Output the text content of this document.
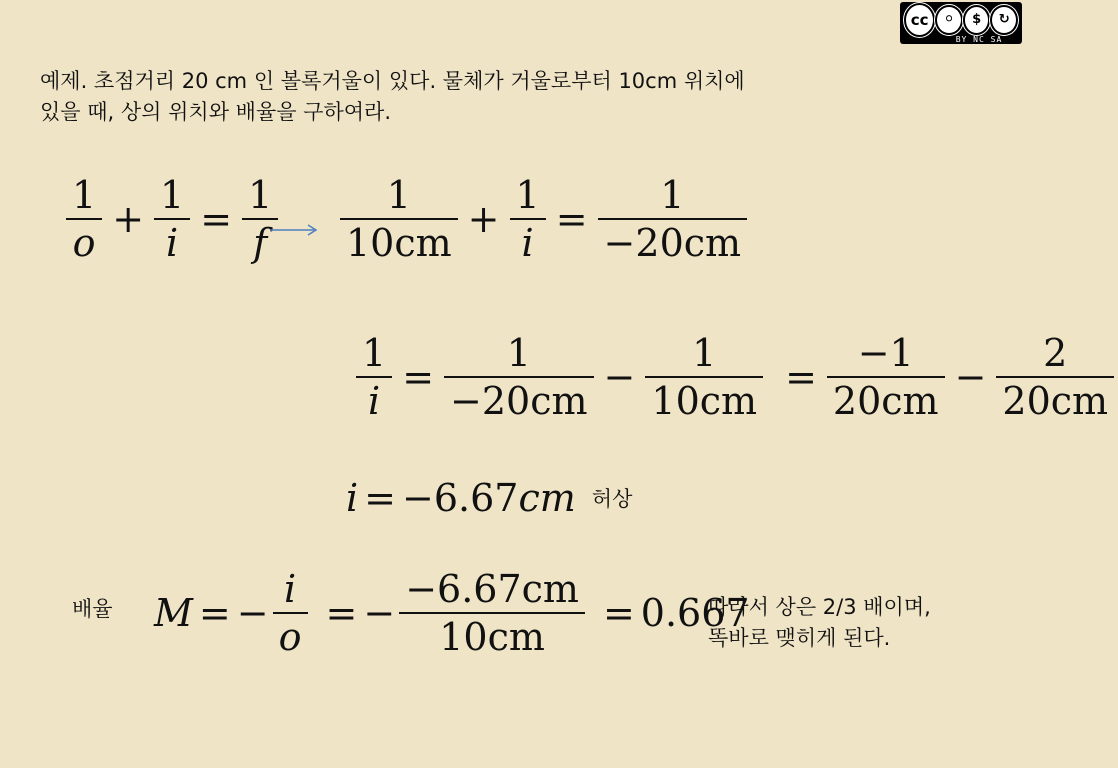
cc	⚪	$	↻
BY NC SA
예제. 초점거리 20 cm 인 볼록거울이 있다. 물체가 거울로부터 10cm 위치에
있을 때, 상의 위치와 배율을 구하여라.
$\frac{1}{o} + \frac{1}{i} = \frac{1}{f} \frac{1}{10cm} + \frac{1}{i} = \frac{1}{-20cm}$
$\frac{1}{i} = \frac{1}{-20cm} - \frac{1}{10cm} = \frac{-1}{20cm} - \frac{2}{20cm}$
i = −6.67 cm 허상
배율 M = − $\frac{i}{o}$ = − $\frac{-6.67cm}{10cm} = 0.667$
따라서 상은 2/3 배이며,
똑바로 맺히게 된다.
